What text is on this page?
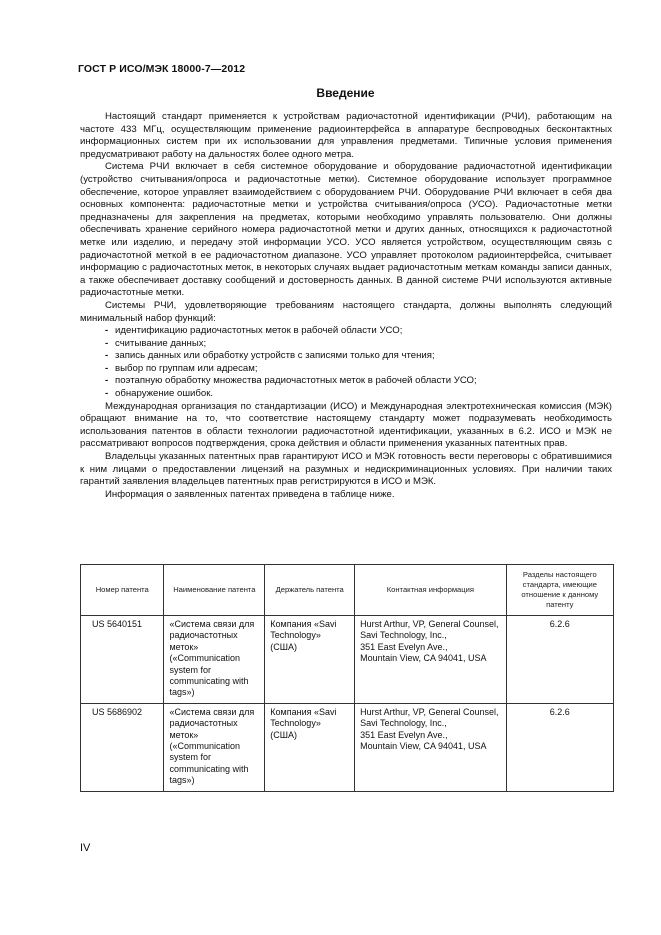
ГОСТ Р ИСО/МЭК 18000-7—2012
Введение

Настоящий стандарт применяется к устройствам радиочастотной идентификации (РЧИ), работающим на частоте 433 МГц, осуществляющим применение радиоинтерфейса в аппаратуре беспроводных бесконтактных информационных систем при их использовании для управления предметами. Типичные условия применения предусматривают работу на дальностях более одного метра.

Система РЧИ включает в себя системное оборудование и оборудование радиочастотной идентификации (устройство считывания/опроса и радиочастотные метки). Системное оборудование использует программное обеспечение, которое управляет взаимодействием с оборудованием РЧИ. Оборудование РЧИ включает в себя два основных компонента: радиочастотные метки и устройства считывания/опроса (УСО). Радиочастотные метки предназначены для закрепления на предметах, которыми необходимо управлять пользователю. Они должны обеспечивать хранение серийного номера радиочастотной метки и других данных, относящихся к радиочастотной метке или изделию, и передачу этой информации УСО. УСО является устройством, осуществляющим связь с радиочастотной меткой в ее радиочастотном диапазоне. УСО управляет протоколом радиоинтерфейса, считывает информацию с радиочастотных меток, в некоторых случаях выдает радиочастотным меткам команды записи данных, а также обеспечивает доставку сообщений и достоверность данных. В данной системе РЧИ используются активные радиочастотные метки.

Системы РЧИ, удовлетворяющие требованиям настоящего стандарта, должны выполнять следующий минимальный набор функций:

- идентификацию радиочастотных меток в рабочей области УСО;
- считывание данных;
- запись данных или обработку устройств с записями только для чтения;
- выбор по группам или адресам;
- поэтапную обработку множества радиочастотных меток в рабочей области УСО;
- обнаружение ошибок.

Международная организация по стандартизации (ИСО) и Международная электротехническая комиссия (МЭК) обращают внимание на то, что соответствие настоящему стандарту может подразумевать необходимость использования патентов в области технологии радиочастотной идентификации, указанных в 6.2. ИСО и МЭК не рассматривают вопросов подтверждения, срока действия и области применения указанных патентных прав.

Владельцы указанных патентных прав гарантируют ИСО и МЭК готовность вести переговоры с обратившимися к ним лицами о предоставлении лицензий на разумных и недискриминационных условиях. При наличии таких гарантий заявления владельцев патентных прав регистрируются в ИСО и МЭК.

Информация о заявленных патентах приведена в таблице ниже.

Номер патента	Наименование патента	Держатель патента	Контактная информация	Разделы настоящего стандарта, имеющие отношение к данному патенту
US 5640151	«Система связи для радиочастотных меток» («Communication system for communicating with tags»)	Компания «Savi Technology» (США)	Hurst Arthur, VP, General Counsel,
Savi Technology, Inc.,
351 East Evelyn Ave.,
Mountain View, CA 94041, USA	6.2.6
US 5686902	«Система связи для радиочастотных меток» («Communication system for communicating with tags»)	Компания «Savi Technology» (США)	Hurst Arthur, VP, General Counsel,
Savi Technology, Inc.,
351 East Evelyn Ave.,
Mountain View, CA 94041, USA	6.2.6
IV
